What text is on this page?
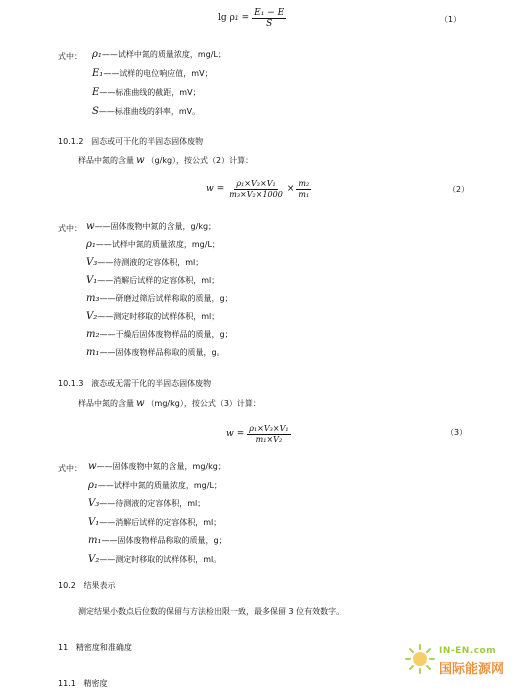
lg ρ $1 = \frac{\text{E₁ − E}}{S}$	（1）
式中： ρ₁——试样中氮的质量浓度，mg/L；
E₁——试样的电位响应值，mV；
E——标准曲线的截距，mV；
S——标准曲线的斜率，mV。
10.1.2 固态或可干化的半固态固体废物
样品中氮的含量 w （g/kg），按公式（2）计算：
$w = \frac{\text{ρ₁×V₃×V₁}}{\text{m₃×V₂×1000}} \times \frac{\text{m₂}}{\text{m₁}}$	（2）
式中： w——固体废物中氮的含量，g/kg；
ρ₁——试样中氮的质量浓度，mg/L；
V₃——待测液的定容体积，ml；
V₁——消解后试样的定容体积，ml；
m₃——研磨过筛后试样称取的质量，g；
V₂——测定时移取的试样体积，ml；
m₂——干燥后固体废物样品的质量，g；
m₁——固体废物样品称取的质量，g。
10.1.3 液态或无需干化的半固态固体废物
样品中氮的含量 w （mg/kg），按公式（3）计算：
$w = \frac{\text{ρ₁×V₃×V₁}}{\text{m₁×V₂}}$	（3）
式中： w——固体废物中氮的含量，mg/kg；
ρ₁——试样中氮的质量浓度，mg/L；
V₃——待测液的定容体积，ml；
V₁——消解后试样的定容体积，ml；
m₁——固体废物样品称取的质量，g；
V₂——测定时移取的试样体积，ml。
10.2 结果表示
测定结果小数点后位数的保留与方法检出限一致，最多保留 3 位有效数字。
11 精密度和准确度
11.1 精密度
IN-EN.com
国际能源网
